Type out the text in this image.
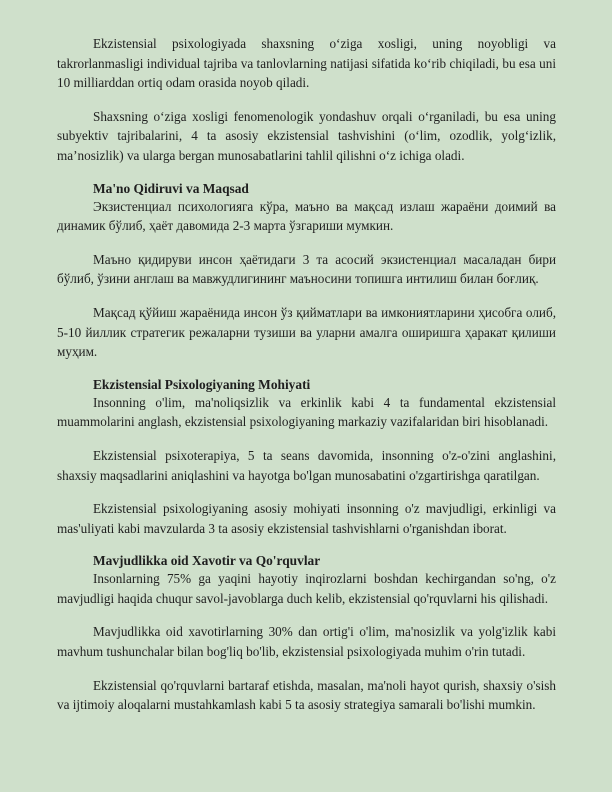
Ekzistensial psixologiyada shaxsning o‘ziga xosligi, uning noyobligi va takrorlanmasligi individual tajriba va tanlovlarning natijasi sifatida ko‘rib chiqiladi, bu esa uni 10 milliarddan ortiq odam orasida noyob qiladi.

Shaxsning o‘ziga xosligi fenomenologik yondashuv orqali o‘rganiladi, bu esa uning subyektiv tajribalarini, 4 ta asosiy ekzistensial tashvishini (o‘lim, ozodlik, yolg‘izlik, ma’nosizlik) va ularga bergan munosabatlarini tahlil qilishni o‘z ichiga oladi.

Ma'no Qidiruvi va Maqsad

Экзистенциал психологияга кўра, маъно ва мақсад излаш жараёни доимий ва динамик бўлиб, ҳаёт давомида 2-3 марта ўзгариши мумкин.

Маъно қидируви инсон ҳаётидаги 3 та асосий экзистенциал масаладан бири бўлиб, ўзини англаш ва мавжудлигининг маъносини топишга интилиш билан боғлиқ.

Мақсад қўйиш жараёнида инсон ўз қийматлари ва имкониятларини ҳисобга олиб, 5-10 йиллик стратегик режаларни тузиши ва уларни амалга оширишга ҳаракат қилиши муҳим.

Ekzistensial Psixologiyaning Mohiyati

Insonning o'lim, ma'noliqsizlik va erkinlik kabi 4 ta fundamental ekzistensial muammolarini anglash, ekzistensial psixologiyaning markaziy vazifalaridan biri hisoblanadi.

Ekzistensial psixoterapiya, 5 ta seans davomida, insonning o'z-o'zini anglashini, shaxsiy maqsadlarini aniqlashini va hayotga bo'lgan munosabatini o'zgartirishga qaratilgan.

Ekzistensial psixologiyaning asosiy mohiyati insonning o'z mavjudligi, erkinligi va mas'uliyati kabi mavzularda 3 ta asosiy ekzistensial tashvishlarni o'rganishdan iborat.

Mavjudlikka oid Xavotir va Qo'rquvlar

Insonlarning 75% ga yaqini hayotiy inqirozlarni boshdan kechirgandan so'ng, o'z mavjudligi haqida chuqur savol-javoblarga duch kelib, ekzistensial qo'rquvlarni his qilishadi.

Mavjudlikka oid xavotirlarning 30% dan ortig'i o'lim, ma'nosizlik va yolg'izlik kabi mavhum tushunchalar bilan bog'liq bo'lib, ekzistensial psixologiyada muhim o'rin tutadi.

Ekzistensial qo'rquvlarni bartaraf etishda, masalan, ma'noli hayot qurish, shaxsiy o'sish va ijtimoiy aloqalarni mustahkamlash kabi 5 ta asosiy strategiya samarali bo'lishi mumkin.
